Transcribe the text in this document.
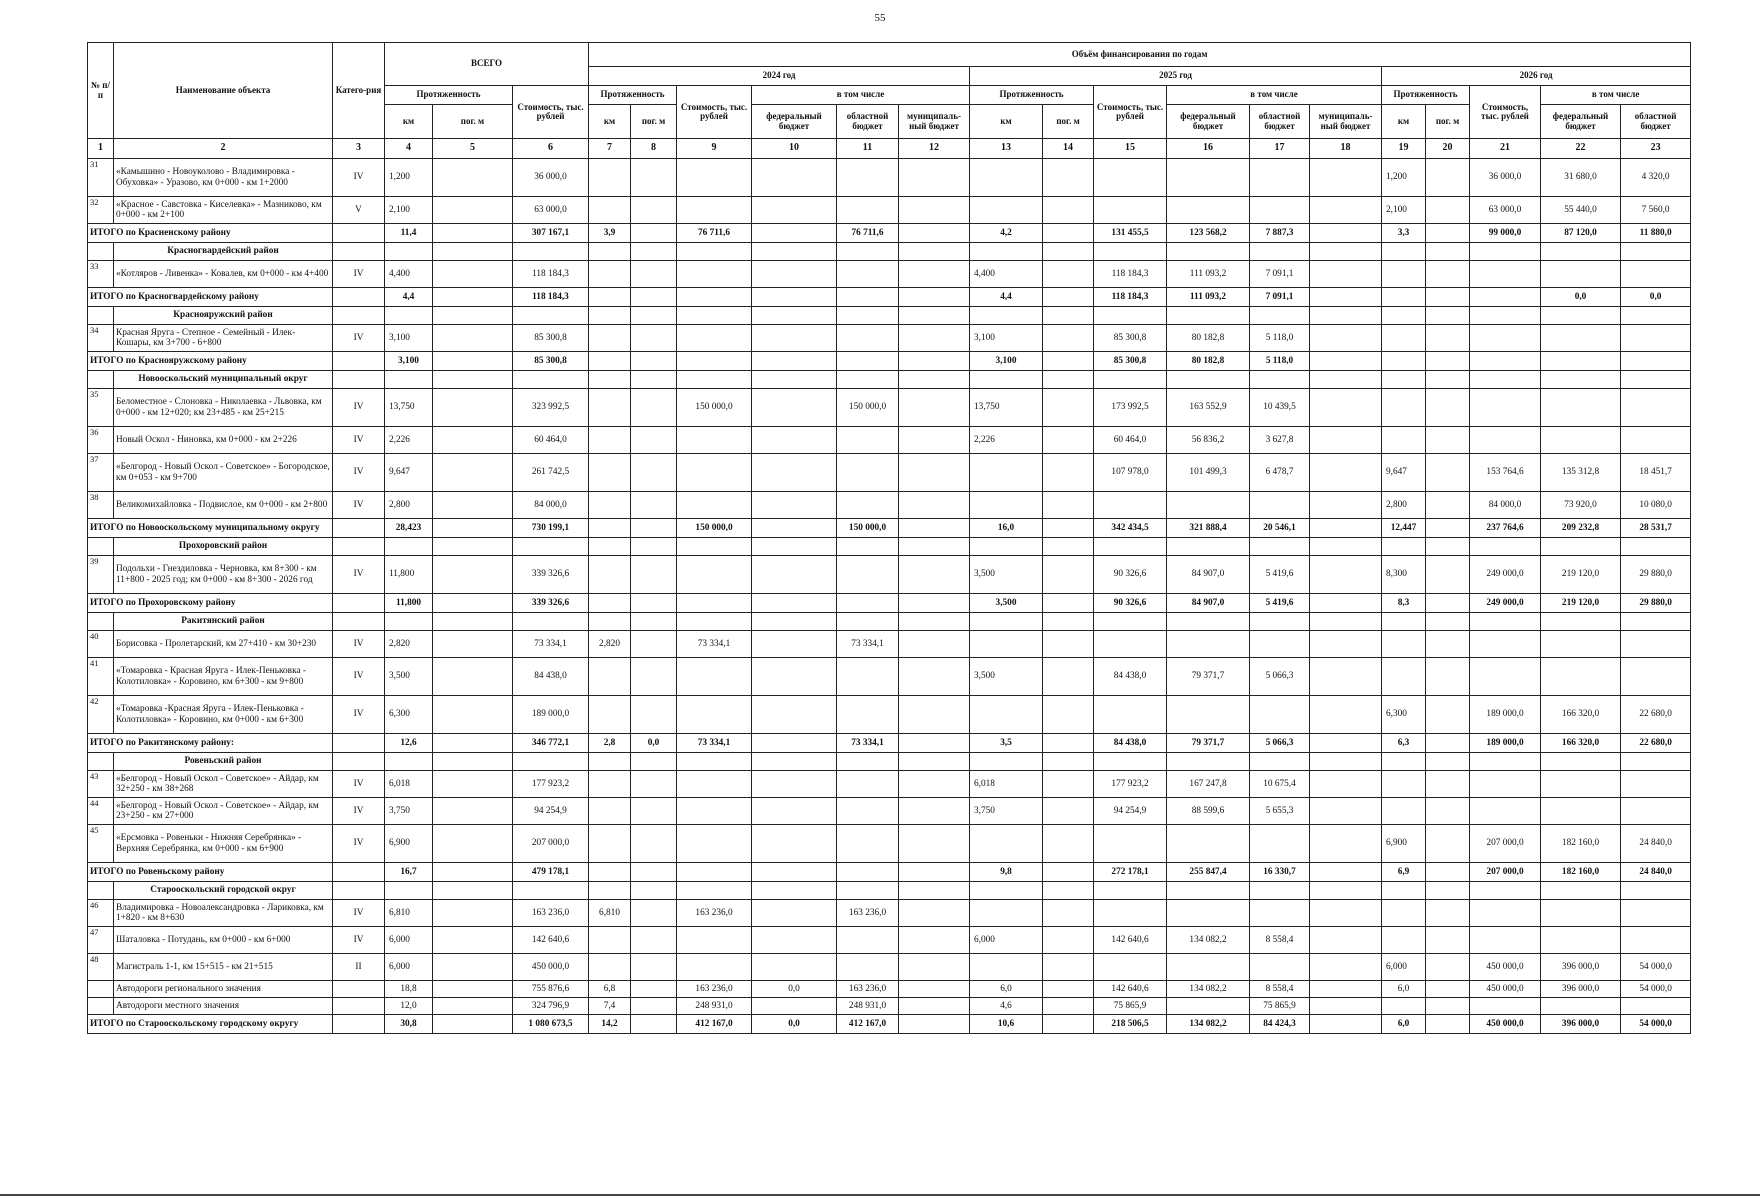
55
№ п/п	Наименование объекта	Катего-рия	ВСЕГО			Объём финансирования по годам																
						2024 год						2025 год						2026 год				
			Протяженность		Стоимость, тыс. рублей	Протяженность		Стоимость, тыс. рублей	в том числе			Протяженность		Стоимость, тыс. рублей	в том числе			Протяженность		Стоимость, тыс. рублей	в том числе	
			км	пог. м		км	пог. м		федеральный бюджет	областной бюджет	муниципаль-ный бюджет	км	пог. м		федеральный бюджет	областной бюджет	муниципаль-ный бюджет	км	пог. м		федеральный бюджет	областной бюджет
1	2	3	4	5	6	7	8	9	10	11	12	13	14	15	16	17	18	19	20	21	22	23
31	«Камышино - Новоуколово - Владимировка - Обуховка» - Уразово, км 0+000 - км 1+2000	IV	1,200		36 000,0													1,200		36 000,0	31 680,0	4 320,0
32	«Красное - Савстовка - Киселевка» - Мазниково, км 0+000 - км 2+100	V	2,100		63 000,0													2,100		63 000,0	55 440,0	7 560,0
ИТОГО по Красненскому району			11,4		307 167,1	3,9		76 711,6		76 711,6		4,2		131 455,5	123 568,2	7 887,3		3,3		99 000,0	87 120,0	11 880,0
	Красногвардейский район																					
33	«Котляров - Ливенка» - Ковалев, км 0+000 - км 4+400	IV	4,400		118 184,3							4,400		118 184,3	111 093,2	7 091,1						
ИТОГО по Красногвардейскому району			4,4		118 184,3							4,4		118 184,3	111 093,2	7 091,1					0,0	0,0
	Краснояружский район																					
34	Красная Яруга - Степное - Семейный - Илек-Кошары, км 3+700 - 6+800	IV	3,100		85 300,8							3,100		85 300,8	80 182,8	5 118,0						
ИТОГО по Краснояружскому району			3,100		85 300,8							3,100		85 300,8	80 182,8	5 118,0						
	Новооскольский муниципальный округ																					
35	Беломестное - Слоновка - Николаевка - Львовка, км 0+000 - км 12+020; км 23+485 - км 25+215	IV	13,750		323 992,5			150 000,0		150 000,0		13,750		173 992,5	163 552,9	10 439,5						
36	Новый Оскол - Ниновка, км 0+000 - км 2+226	IV	2,226		60 464,0							2,226		60 464,0	56 836,2	3 627,8						
37	«Белгород - Новый Оскол - Советское» - Богородское, км 0+053 - км 9+700	IV	9,647		261 742,5									107 978,0	101 499,3	6 478,7		9,647		153 764,6	135 312,8	18 451,7
38	Великомихайловка - Подвислое, км 0+000 - км 2+800	IV	2,800		84 000,0													2,800		84 000,0	73 920,0	10 080,0
ИТОГО по Новооскольскому муниципальному округу			28,423		730 199,1			150 000,0		150 000,0		16,0		342 434,5	321 888,4	20 546,1		12,447		237 764,6	209 232,8	28 531,7
	Прохоровский район																					
39	Подольхи - Гнездиловка - Черновка, км 8+300 - км 11+800 - 2025 год; км 0+000 - км 8+300 - 2026 год	IV	11,800		339 326,6							3,500		90 326,6	84 907,0	5 419,6		8,300		249 000,0	219 120,0	29 880,0
ИТОГО по Прохоровскому району			11,800		339 326,6							3,500		90 326,6	84 907,0	5 419,6		8,3		249 000,0	219 120,0	29 880,0
	Ракитянский район																					
40	Борисовка - Пролетарский, км 27+410 - км 30+230	IV	2,820		73 334,1	2,820		73 334,1		73 334,1												
41	«Томаровка - Красная Яруга - Илек-Пеньковка - Колотиловка» - Коровино, км 6+300 - км 9+800	IV	3,500		84 438,0							3,500		84 438,0	79 371,7	5 066,3						
42	«Томаровка -Красная Яруга - Илек-Пеньковка - Колотиловка» - Коровино, км 0+000 - км 6+300	IV	6,300		189 000,0													6,300		189 000,0	166 320,0	22 680,0
ИТОГО по Ракитянскому району:			12,6		346 772,1	2,8	0,0	73 334,1		73 334,1		3,5		84 438,0	79 371,7	5 066,3		6,3		189 000,0	166 320,0	22 680,0
	Ровеньский район																					
43	«Белгород - Новый Оскол - Советское» - Айдар, км 32+250 - км 38+268	IV	6,018		177 923,2							6,018		177 923,2	167 247,8	10 675,4						
44	«Белгород - Новый Оскол - Советское» - Айдар, км 23+250 - км 27+000	IV	3,750		94 254,9							3,750		94 254,9	88 599,6	5 655,3						
45	«Ерсмовка - Ровеньки - Нижняя Серебрянка» - Верхняя Серебрянка, км 0+000 - км 6+900	IV	6,900		207 000,0													6,900		207 000,0	182 160,0	24 840,0
ИТОГО по Ровеньскому району			16,7		479 178,1							9,8		272 178,1	255 847,4	16 330,7		6,9		207 000,0	182 160,0	24 840,0
	Старооскольский городской округ																					
46	Владимировка - Новоалександровка - Лариковка, км 1+820 - км 8+630	IV	6,810		163 236,0	6,810		163 236,0		163 236,0												
47	Шаталовка - Потудань, км 0+000 - км 6+000	IV	6,000		142 640,6							6,000		142 640,6	134 082,2	8 558,4						
48	Магистраль 1-1, км 15+515 - км 21+515	II	6,000		450 000,0													6,000		450 000,0	396 000,0	54 000,0
	Автодороги регионального значения		18,8		755 876,6	6,8		163 236,0	0,0	163 236,0		6,0		142 640,6	134 082,2	8 558,4		6,0		450 000,0	396 000,0	54 000,0
	Автодороги местного значения		12,0		324 796,9	7,4		248 931,0		248 931,0		4,6		75 865,9		75 865,9						
ИТОГО по Старооскольскому городскому округу			30,8		1 080 673,5	14,2		412 167,0	0,0	412 167,0		10,6		218 506,5	134 082,2	84 424,3		6,0		450 000,0	396 000,0	54 000,0
